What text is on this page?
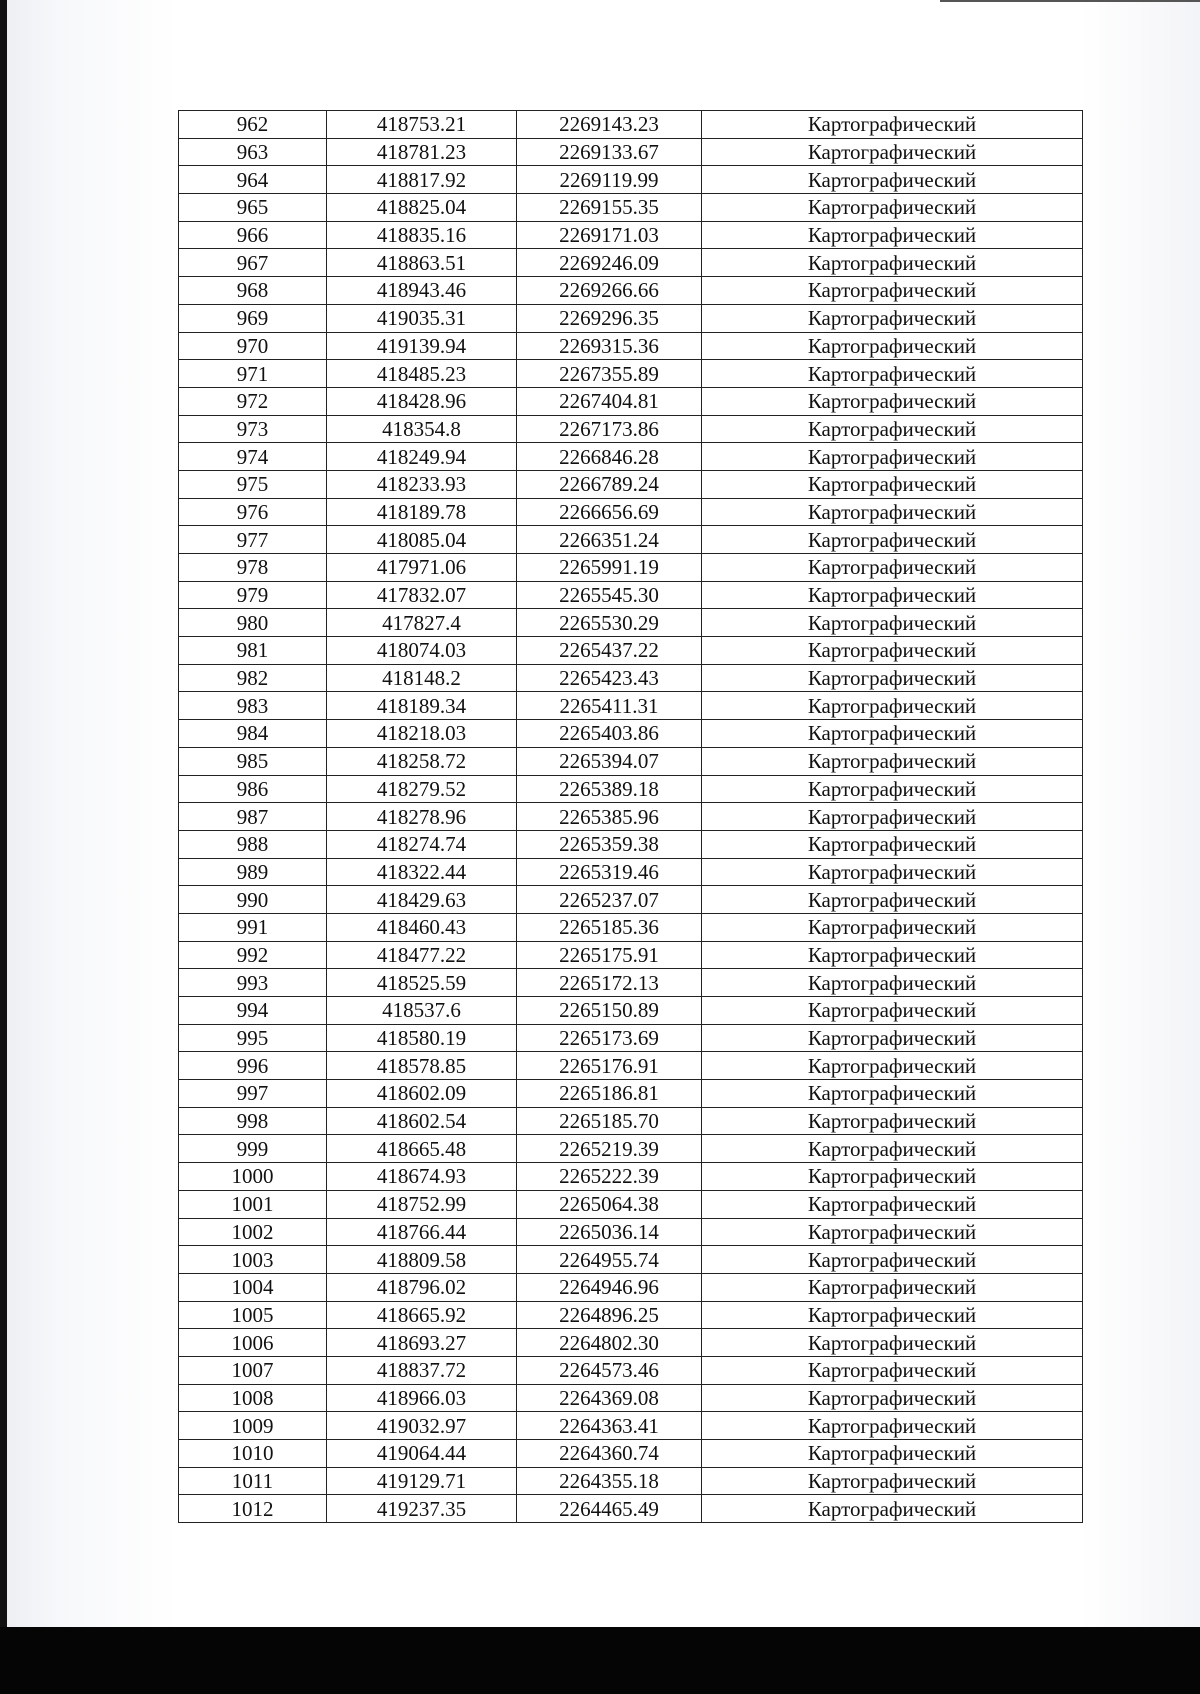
962	418753.21	2269143.23	Картографический
963	418781.23	2269133.67	Картографический
964	418817.92	2269119.99	Картографический
965	418825.04	2269155.35	Картографический
966	418835.16	2269171.03	Картографический
967	418863.51	2269246.09	Картографический
968	418943.46	2269266.66	Картографический
969	419035.31	2269296.35	Картографический
970	419139.94	2269315.36	Картографический
971	418485.23	2267355.89	Картографический
972	418428.96	2267404.81	Картографический
973	418354.8	2267173.86	Картографический
974	418249.94	2266846.28	Картографический
975	418233.93	2266789.24	Картографический
976	418189.78	2266656.69	Картографический
977	418085.04	2266351.24	Картографический
978	417971.06	2265991.19	Картографический
979	417832.07	2265545.30	Картографический
980	417827.4	2265530.29	Картографический
981	418074.03	2265437.22	Картографический
982	418148.2	2265423.43	Картографический
983	418189.34	2265411.31	Картографический
984	418218.03	2265403.86	Картографический
985	418258.72	2265394.07	Картографический
986	418279.52	2265389.18	Картографический
987	418278.96	2265385.96	Картографический
988	418274.74	2265359.38	Картографический
989	418322.44	2265319.46	Картографический
990	418429.63	2265237.07	Картографический
991	418460.43	2265185.36	Картографический
992	418477.22	2265175.91	Картографический
993	418525.59	2265172.13	Картографический
994	418537.6	2265150.89	Картографический
995	418580.19	2265173.69	Картографический
996	418578.85	2265176.91	Картографический
997	418602.09	2265186.81	Картографический
998	418602.54	2265185.70	Картографический
999	418665.48	2265219.39	Картографический
1000	418674.93	2265222.39	Картографический
1001	418752.99	2265064.38	Картографический
1002	418766.44	2265036.14	Картографический
1003	418809.58	2264955.74	Картографический
1004	418796.02	2264946.96	Картографический
1005	418665.92	2264896.25	Картографический
1006	418693.27	2264802.30	Картографический
1007	418837.72	2264573.46	Картографический
1008	418966.03	2264369.08	Картографический
1009	419032.97	2264363.41	Картографический
1010	419064.44	2264360.74	Картографический
1011	419129.71	2264355.18	Картографический
1012	419237.35	2264465.49	Картографический
